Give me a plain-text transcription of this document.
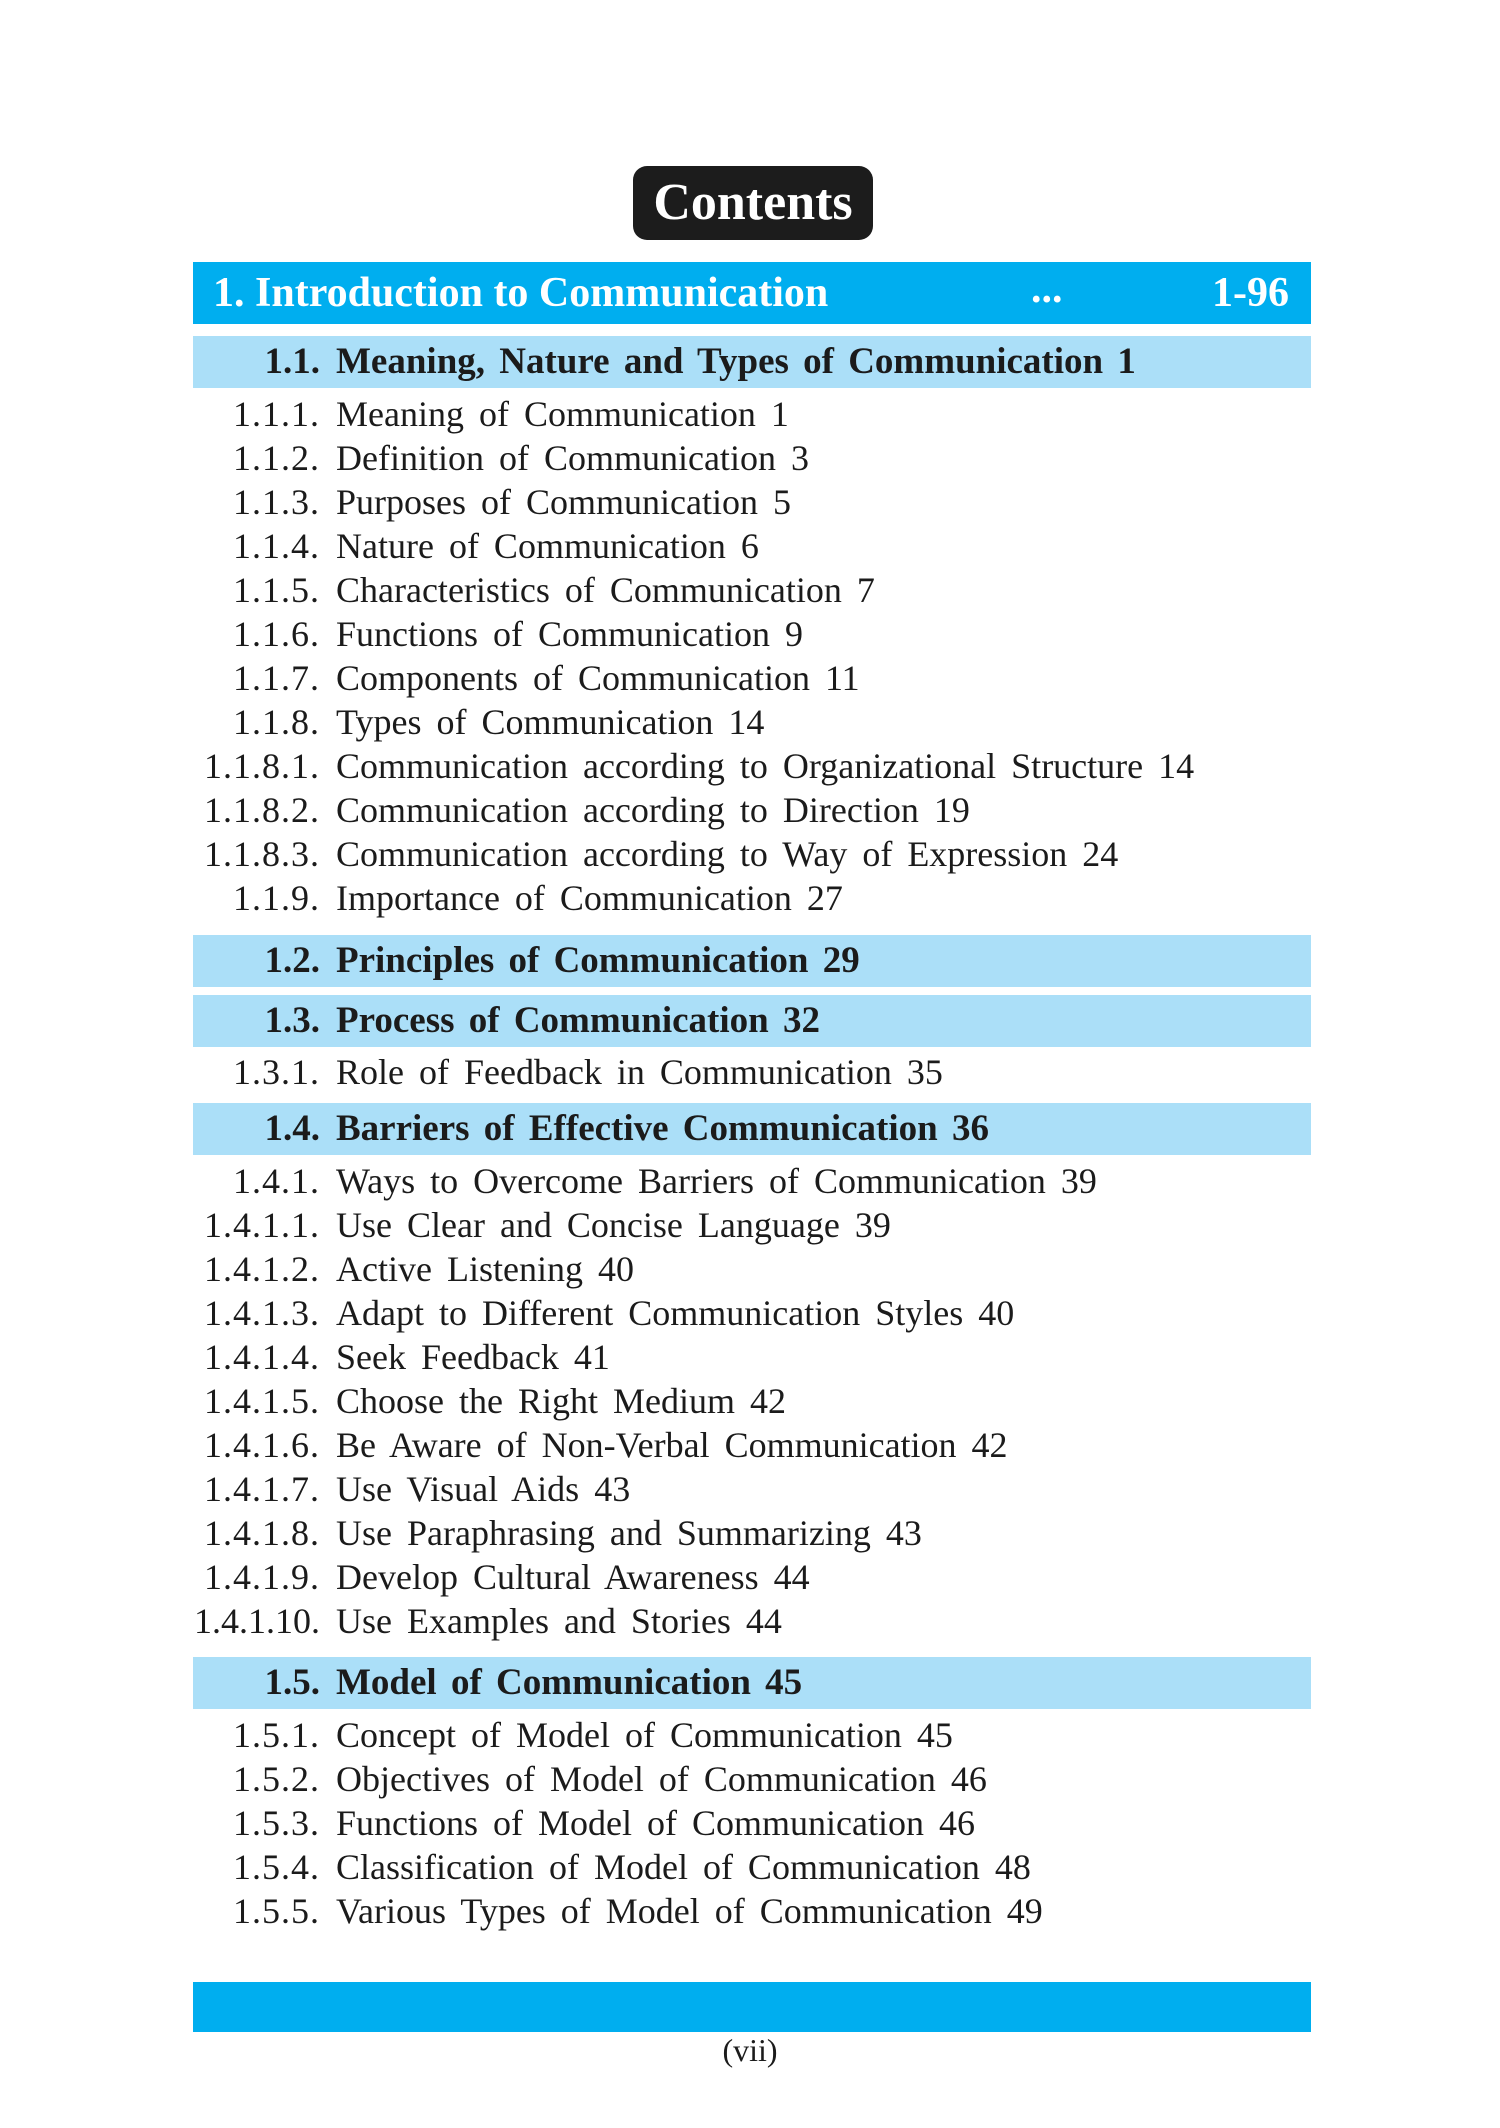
Contents
1. Introduction to Communication	...	1-96
1.1. Meaning, Nature and Types of Communication 1
1.1.1. Meaning of Communication 1
1.1.2. Definition of Communication 3
1.1.3. Purposes of Communication 5
1.1.4. Nature of Communication 6
1.1.5. Characteristics of Communication 7
1.1.6. Functions of Communication 9
1.1.7. Components of Communication 11
1.1.8. Types of Communication 14
1.1.8.1. Communication according to Organizational Structure 14
1.1.8.2. Communication according to Direction 19
1.1.8.3. Communication according to Way of Expression 24
1.1.9. Importance of Communication 27
1.2. Principles of Communication 29
1.3. Process of Communication 32
1.3.1. Role of Feedback in Communication 35
1.4. Barriers of Effective Communication 36
1.4.1. Ways to Overcome Barriers of Communication 39
1.4.1.1. Use Clear and Concise Language 39
1.4.1.2. Active Listening 40
1.4.1.3. Adapt to Different Communication Styles 40
1.4.1.4. Seek Feedback 41
1.4.1.5. Choose the Right Medium 42
1.4.1.6. Be Aware of Non-Verbal Communication 42
1.4.1.7. Use Visual Aids 43
1.4.1.8. Use Paraphrasing and Summarizing 43
1.4.1.9. Develop Cultural Awareness 44
1.4.1.10. Use Examples and Stories 44
1.5. Model of Communication 45
1.5.1. Concept of Model of Communication 45
1.5.2. Objectives of Model of Communication 46
1.5.3. Functions of Model of Communication 46
1.5.4. Classification of Model of Communication 48
1.5.5. Various Types of Model of Communication 49
(vii)
